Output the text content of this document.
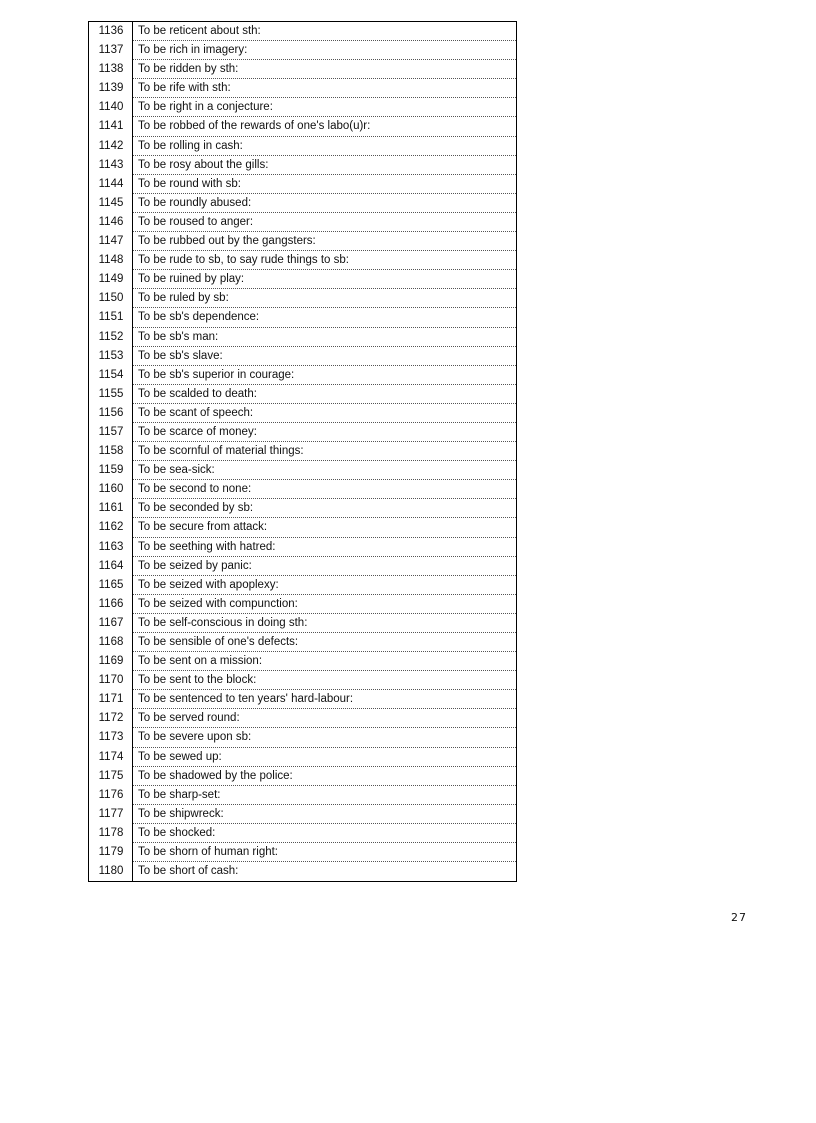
1136	To be reticent about sth:
1137	To be rich in imagery:
1138	To be ridden by sth:
1139	To be rife with sth:
1140	To be right in a conjecture:
1141	To be robbed of the rewards of one's labo(u)r:
1142	To be rolling in cash:
1143	To be rosy about the gills:
1144	To be round with sb:
1145	To be roundly abused:
1146	To be roused to anger:
1147	To be rubbed out by the gangsters:
1148	To be rude to sb, to say rude things to sb:
1149	To be ruined by play:
1150	To be ruled by sb:
1151	To be sb's dependence:
1152	To be sb's man:
1153	To be sb's slave:
1154	To be sb's superior in courage:
1155	To be scalded to death:
1156	To be scant of speech:
1157	To be scarce of money:
1158	To be scornful of material things:
1159	To be sea-sick:
1160	To be second to none:
1161	To be seconded by sb:
1162	To be secure from attack:
1163	To be seething with hatred:
1164	To be seized by panic:
1165	To be seized with apoplexy:
1166	To be seized with compunction:
1167	To be self-conscious in doing sth:
1168	To be sensible of one's defects:
1169	To be sent on a mission:
1170	To be sent to the block:
1171	To be sentenced to ten years' hard-labour:
1172	To be served round:
1173	To be severe upon sb:
1174	To be sewed up:
1175	To be shadowed by the police:
1176	To be sharp-set:
1177	To be shipwreck:
1178	To be shocked:
1179	To be shorn of human right:
1180	To be short of cash:
27
